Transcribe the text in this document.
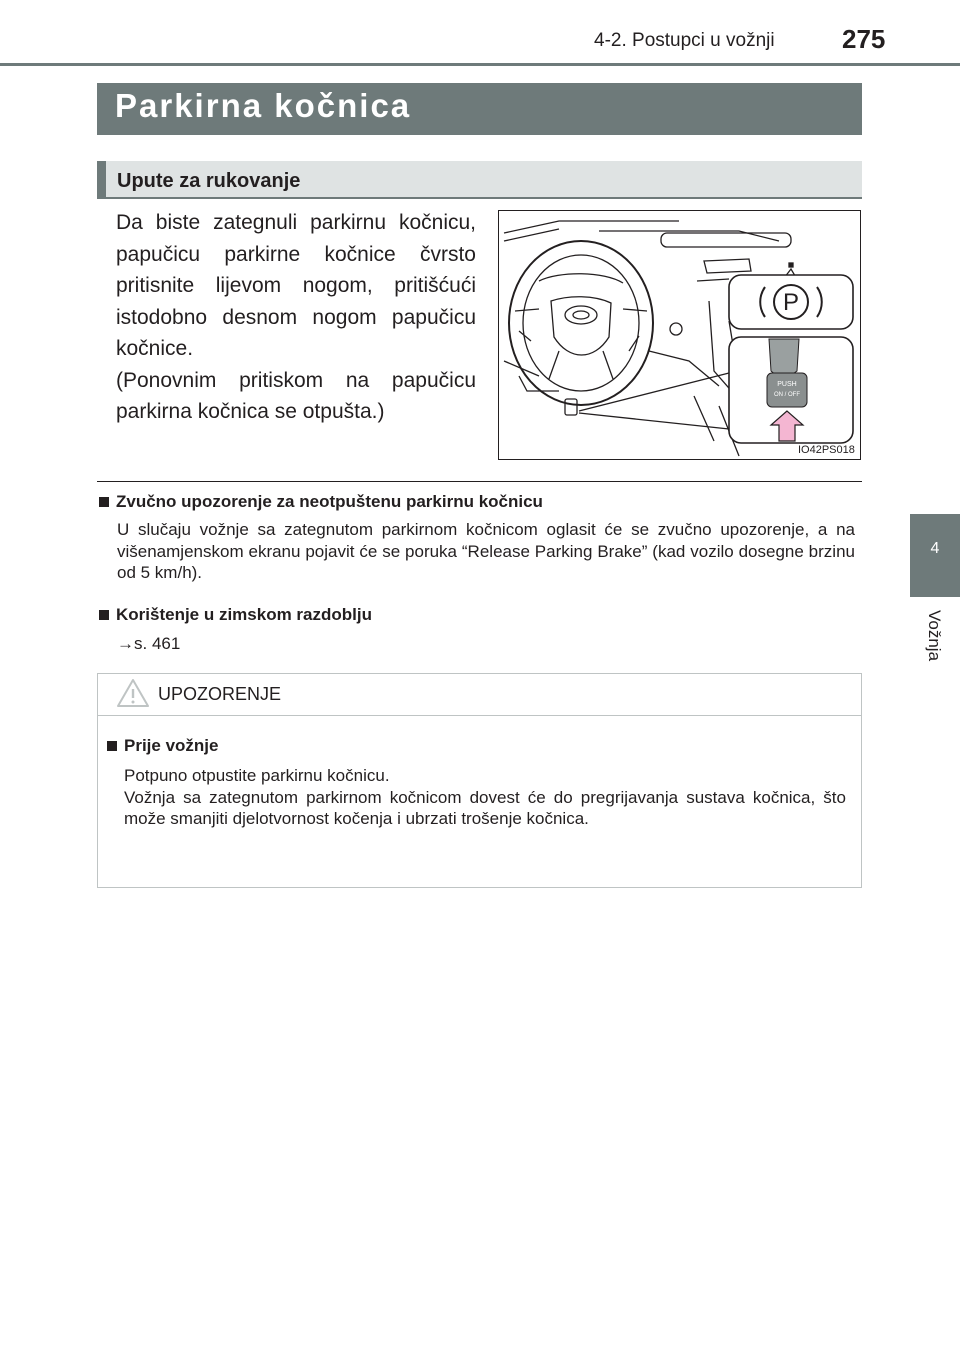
4-2. Postupci u vožnji	275
4
Vožnja
Parkirna kočnica
Upute za rukovanje

Da biste zategnuli parkirnu kočnicu, papučicu parkirne kočnice čvrsto pritisnite lijevom nogom, pritišćući istodobno desnom nogom papučicu kočnice.

(Ponovnim pritiskom na papučicu parkirna kočnica se otpušta.)

P
PUSH
ON / OFF
IO42PS018
Zvučno upozorenje za neotpuštenu parkirnu kočnicu
U slučaju vožnje sa zategnutom parkirnom kočnicom oglasit će se zvučno upozorenje, a na višenamjenskom ekranu pojavit će se poruka “Release Parking Brake” (kad vozilo dosegne brzinu od 5 km/h).
Korištenje u zimskom razdoblju
→s. 461
UPOZORENJE
Prije vožnje
Potpuno otpustite parkirnu kočnicu.
Vožnja sa zategnutom parkirnom kočnicom dovest će do pregrijavanja sustava kočnica, što može smanjiti djelotvornost kočenja i ubrzati trošenje kočnica.
